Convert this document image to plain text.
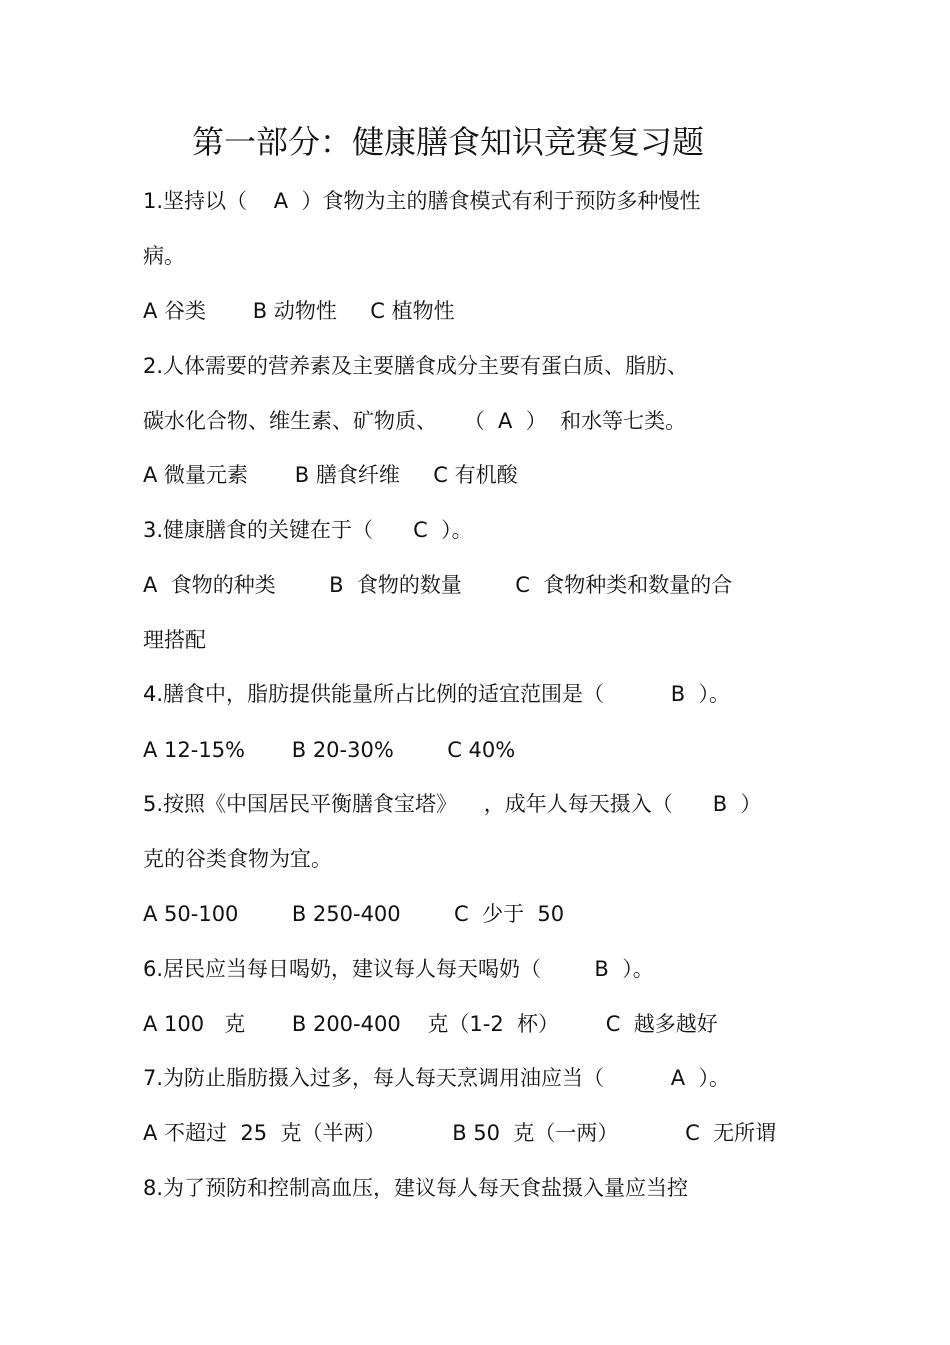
第一部分：健康膳食知识竞赛复习题
1.坚持以（    A  ）食物为主的膳食模式有利于预防多种慢性
病。
A 谷类       B 动物性     C 植物性
2.人体需要的营养素及主要膳食成分主要有蛋白质、脂肪、
碳水化合物、维生素、矿物质、    （  A  ）  和水等七类。
A 微量元素       B 膳食纤维     C 有机酸
3.健康膳食的关键在于（      C  ）。
A  食物的种类        B  食物的数量        C  食物种类和数量的合
理搭配
4.膳食中，脂肪提供能量所占比例的适宜范围是（          B  ）。
A 12-15%       B 20-30%        C 40%
5.按照《中国居民平衡膳食宝塔》    ，成年人每天摄入（      B  ）
克的谷类食物为宜。
A 50-100        B 250-400        C  少于  50
6.居民应当每日喝奶，建议每人每天喝奶（        B  ）。
A 100   克       B 200-400    克（1-2  杯）       C  越多越好
7.为防止脂肪摄入过多，每人每天烹调用油应当（          A  ）。
A 不超过  25  克（半两）          B 50  克（一两）          C  无所谓
8.为了预防和控制高血压，建议每人每天食盐摄入量应当控
